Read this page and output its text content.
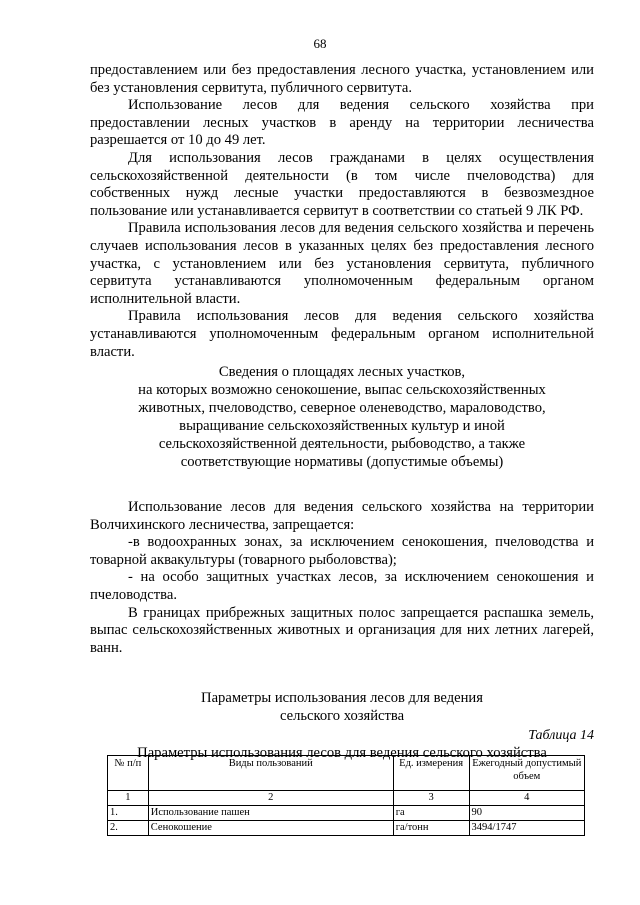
68

предоставлением или без предоставления лесного участка, установлением или без установления сервитута, публичного сервитута.

Использование лесов для ведения сельского хозяйства при предоставлении лесных участков в аренду на территории лесничества разрешается от 10 до 49 лет.

Для использования лесов гражданами в целях осуществления сельскохозяйственной деятельности (в том числе пчеловодства) для собственных нужд лесные участки предоставляются в безвозмездное пользование или устанавливается сервитут в соответствии со статьей 9 ЛК РФ.

Правила использования лесов для ведения сельского хозяйства и перечень случаев использования лесов в указанных целях без предоставления лесного участка, с установлением или без установления сервитута, публичного сервитута устанавливаются уполномоченным федеральным органом исполнительной власти.

Правила использования лесов для ведения сельского хозяйства устанавливаются уполномоченным федеральным органом исполнительной власти.

Сведения о площадях лесных участков,
на которых возможно сенокошение, выпас сельскохозяйственных
животных, пчеловодство, северное оленеводство, мараловодство,
выращивание сельскохозяйственных культур и иной
сельскохозяйственной деятельности, рыбоводство, а также
соответствующие нормативы (допустимые объемы)

Использование лесов для ведения сельского хозяйства на территории Волчихинского лесничества, запрещается:

-в водоохранных зонах, за исключением сенокошения, пчеловодства и товарной аквакультуры (товарного рыболовства);

- на особо защитных участках лесов, за исключением сенокошения и пчеловодства.

В границах прибрежных защитных полос запрещается распашка земель, выпас сельскохозяйственных животных и организация для них летних лагерей, ванн.

Параметры использования лесов для ведения
сельского хозяйства
Таблица 14
Параметры использования лесов для ведения сельского хозяйства
№ п/п	Виды пользований	Ед. измерения	Ежегодный допустимый объем
1	2	3	4
1.	Использование пашен	га	90
2.	Сенокошение	га/тонн	3494/1747
